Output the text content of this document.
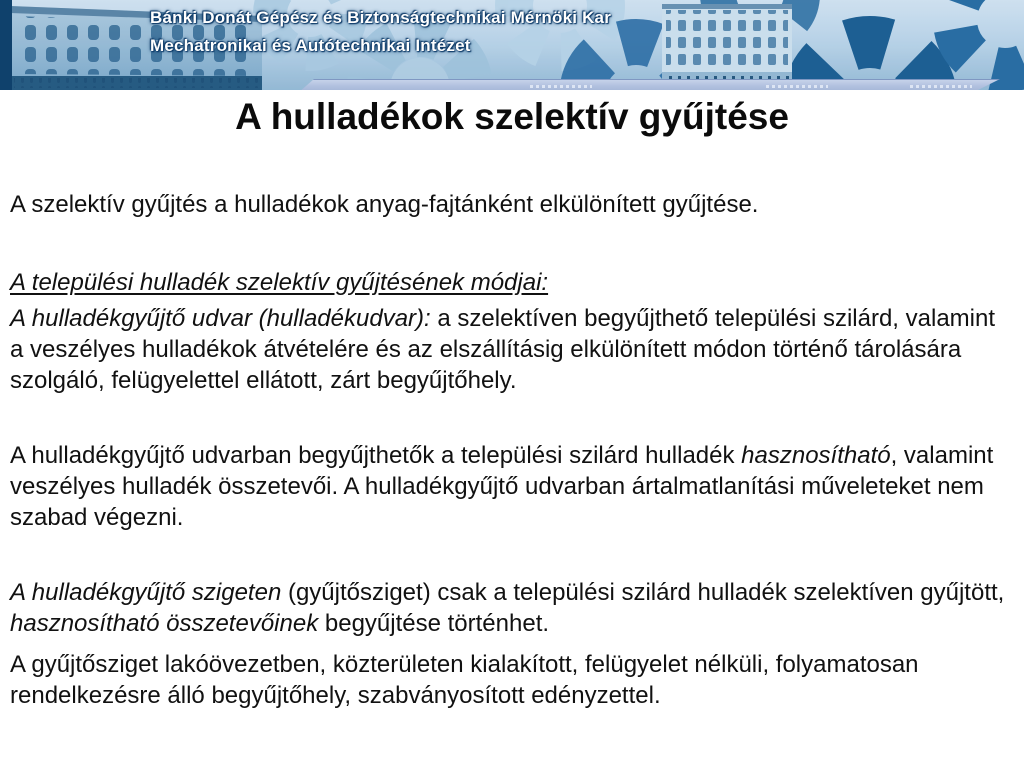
Bánki Donát Gépész és Biztonságtechnikai Mérnöki Kar
Mechatronikai és Autótechnikai Intézet
A hulladékok szelektív gyűjtése

A szelektív gyűjtés a hulladékok anyag-fajtánként elkülönített gyűjtése.

A települési hulladék szelektív gyűjtésének módjai:

A hulladékgyűjtő udvar (hulladékudvar): a szelektíven begyűjthető települési szilárd, valamint a veszélyes hulladékok átvételére és az elszállításig elkülönített módon történő tárolására szolgáló, felügyelettel ellátott, zárt begyűjtőhely.

A hulladékgyűjtő udvarban begyűjthetők a települési szilárd hulladék hasznosítható, valamint veszélyes hulladék összetevői. A hulladékgyűjtő udvarban ártalmatlanítási műveleteket nem szabad végezni.

A hulladékgyűjtő szigeten (gyűjtősziget) csak a települési szilárd hulladék szelektíven gyűjtött, hasznosítható összetevőinek begyűjtése történhet.

A gyűjtősziget lakóövezetben, közterületen kialakított, felügyelet nélküli, folyamatosan rendelkezésre álló begyűjtőhely, szabványosított edényzettel.
